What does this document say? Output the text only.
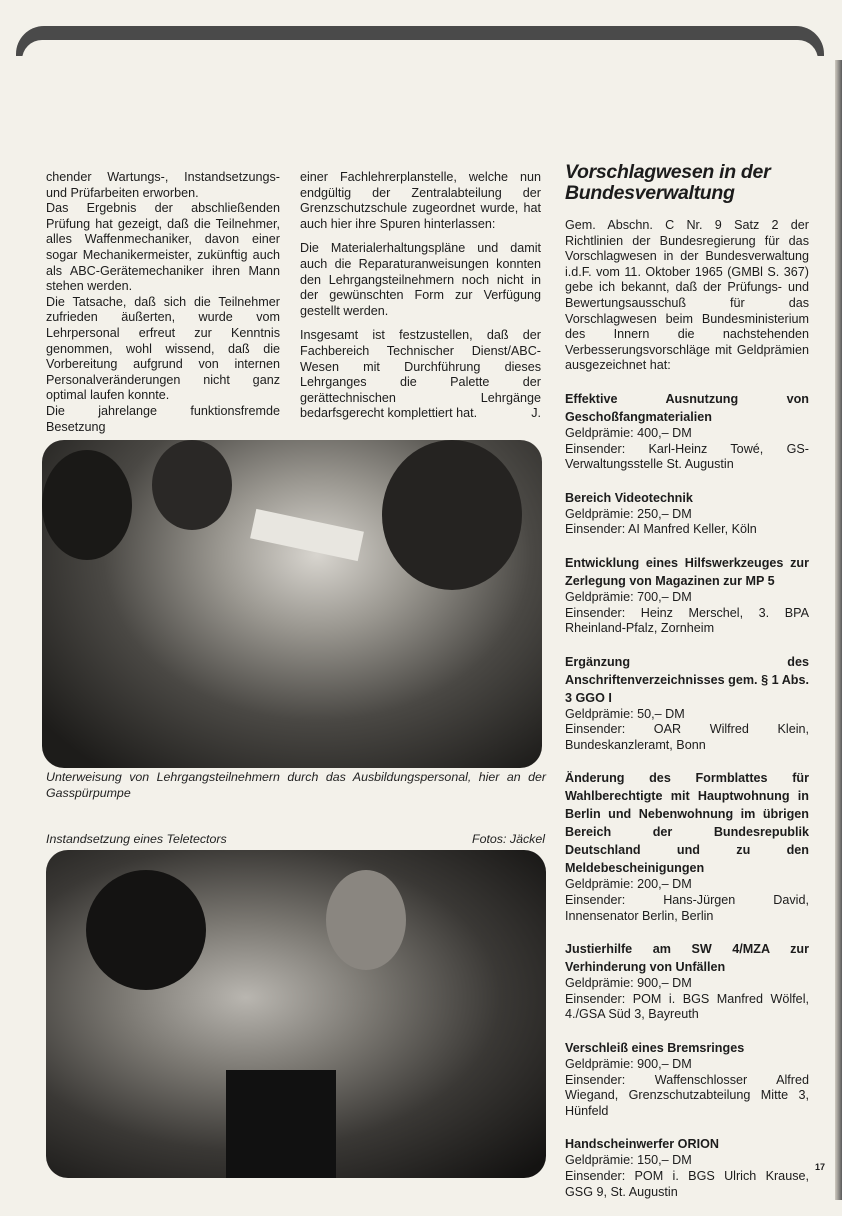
chender Wartungs-, Instandsetzungs- und Prüfarbeiten erworben.

Das Ergebnis der abschließenden Prüfung hat gezeigt, daß die Teilnehmer, alles Waffenmechaniker, davon einer sogar Mechanikermeister, zukünftig auch als ABC-Gerätemechaniker ihren Mann stehen werden.

Die Tatsache, daß sich die Teilnehmer zufrieden äußerten, wurde vom Lehrpersonal erfreut zur Kenntnis genommen, wohl wissend, daß die Vorbereitung aufgrund von internen Personalveränderungen nicht ganz optimal laufen konnte.

Die jahrelange funktionsfremde Besetzung

einer Fachlehrerplanstelle, welche nun endgültig der Zentralabteilung der Grenzschutzschule zugeordnet wurde, hat auch hier ihre Spuren hinterlassen:

Die Materialerhaltungspläne und damit auch die Reparaturanweisungen konnten den Lehrgangsteilnehmern noch nicht in der gewünschten Form zur Verfügung gestellt werden.

Insgesamt ist festzustellen, daß der Fachbereich Technischer Dienst/ABC-Wesen mit Durchführung dieses Lehrganges die Palette der gerättechnischen Lehrgänge bedarfsgerecht komplettiert hat.	J.

Vorschlagwesen in der Bundesverwaltung

Gem. Abschn. C Nr. 9 Satz 2 der Richtlinien der Bundesregierung für das Vorschlagwesen in der Bundesverwaltung i.d.F. vom 11. Oktober 1965 (GMBl S. 367) gebe ich bekannt, daß der Prüfungs- und Bewertungsausschuß für das Vorschlagwesen beim Bundesministerium des Innern die nachstehenden Verbesserungsvorschläge mit Geldprämien ausgezeichnet hat:

Effektive Ausnutzung von Geschoßfangmaterialien
Geldprämie: 400,– DM
Einsender: Karl-Heinz Towé, GS-Verwaltungsstelle St. Augustin
Bereich Videotechnik
Geldprämie: 250,– DM
Einsender: AI Manfred Keller, Köln
Entwicklung eines Hilfswerkzeuges zur Zerlegung von Magazinen zur MP 5
Geldprämie: 700,– DM
Einsender: Heinz Merschel, 3. BPA Rheinland-Pfalz, Zornheim
Ergänzung des Anschriftenverzeichnisses gem. § 1 Abs. 3 GGO I
Geldprämie: 50,– DM
Einsender: OAR Wilfred Klein, Bundeskanzleramt, Bonn
Änderung des Formblattes für Wahlberechtigte mit Hauptwohnung in Berlin und Nebenwohnung im übrigen Bereich der Bundesrepublik Deutschland und zu den Meldebescheinigungen
Geldprämie: 200,– DM
Einsender: Hans-Jürgen David, Innensenator Berlin, Berlin
Justierhilfe am SW 4/MZA zur Verhinderung von Unfällen
Geldprämie: 900,– DM
Einsender: POM i. BGS Manfred Wölfel, 4./GSA Süd 3, Bayreuth
Verschleiß eines Bremsringes
Geldprämie: 900,– DM
Einsender: Waffenschlosser Alfred Wiegand, Grenzschutzabteilung Mitte 3, Hünfeld
Handscheinwerfer ORION
Geldprämie: 150,– DM
Einsender: POM i. BGS Ulrich Krause, GSG 9, St. Augustin
Unterweisung von Lehrgangsteilnehmern durch das Ausbildungspersonal, hier an der Gasspürpumpe
Instandsetzung eines Teletectors	Fotos: Jäckel
17
